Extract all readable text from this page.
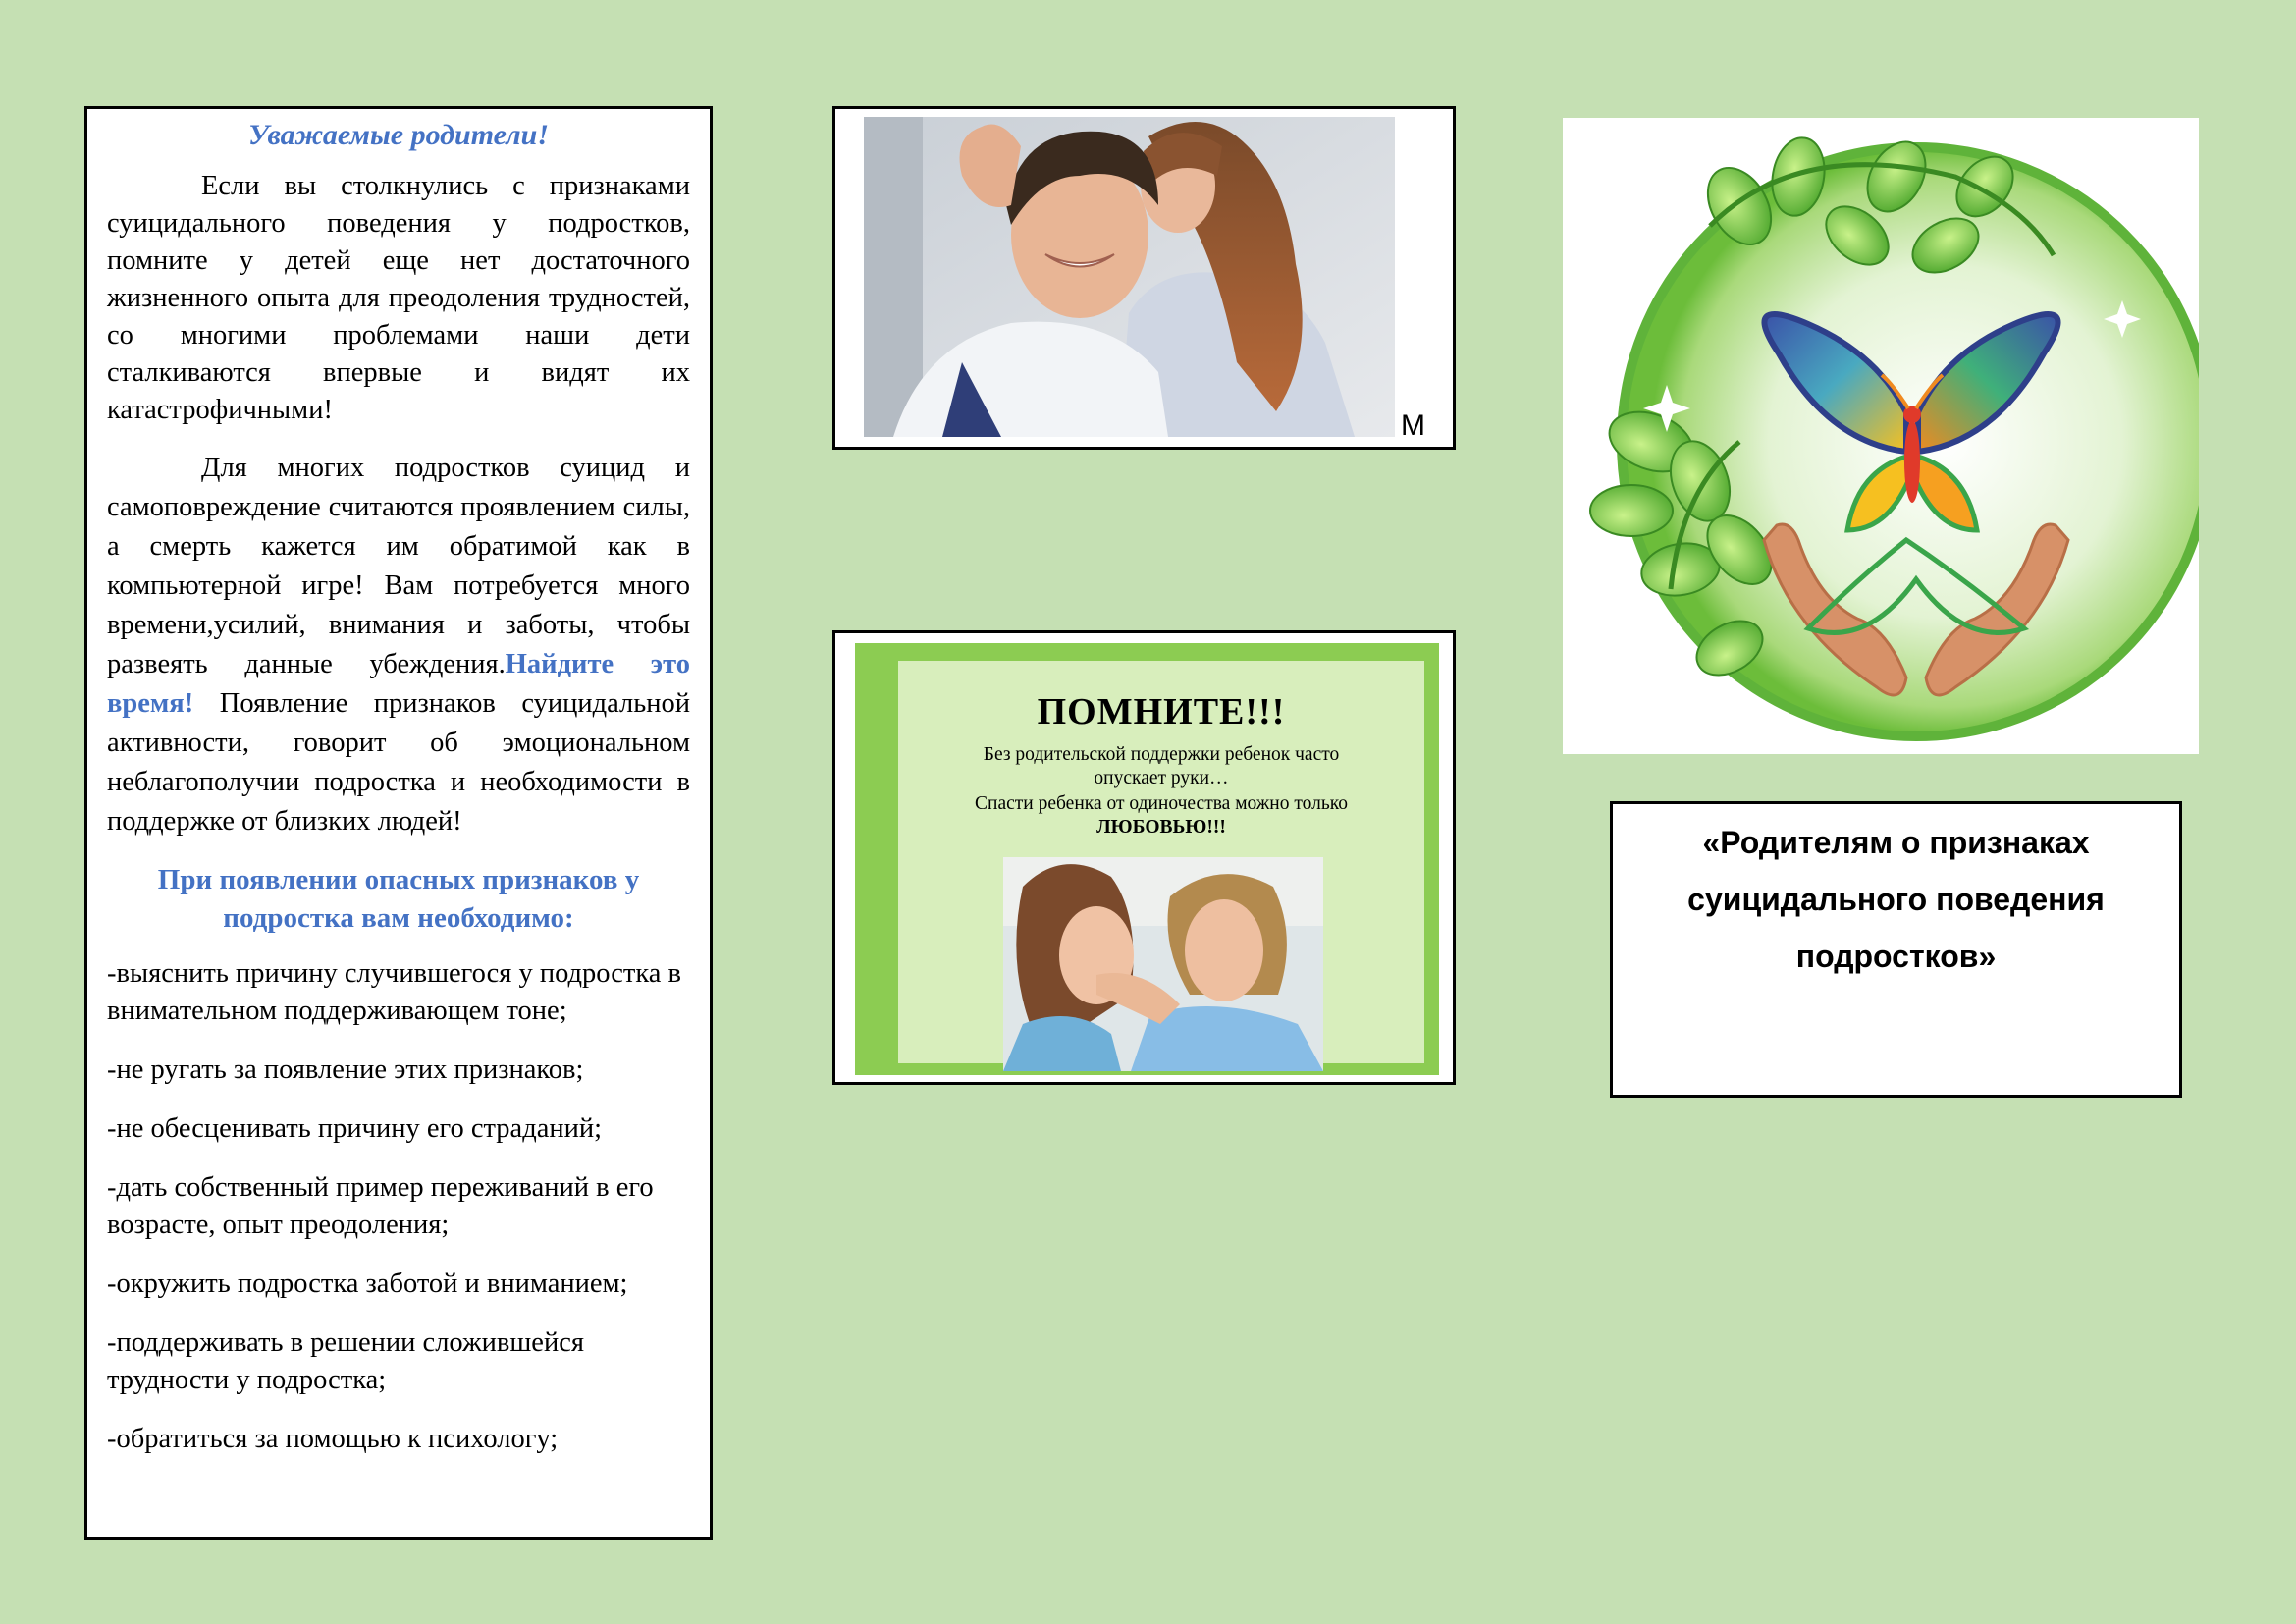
Уважаемые родители!

Если вы столкнулись с признаками суицидального поведения у подростков, помните у детей еще нет достаточного жизненного опыта для преодоления трудностей, со многими проблемами наши дети сталкиваются впервые и видят их катастрофичными!

Для многих подростков суицид и самоповреждение считаются проявлением силы, а смерть кажется им обратимой как в компьютерной игре! Вам потребуется много времени,усилий, внимания и заботы, чтобы развеять данные убеждения.Найдите это время! Появление признаков суицидальной активности, говорит об эмоциональном неблагополучии подростка и необходимости в поддержке от близких людей!

При появлении опасных признаков у подростка вам необходимо:

-выяснить причину случившегося у подростка в внимательном поддерживающем тоне;

-не ругать за появление этих признаков;

-не обесценивать причину его страданий;

-дать собственный пример переживаний в его возрасте, опыт преодоления;

-окружить подростка заботой и вниманием;

-поддерживать в решении сложившейся трудности у подростка;

-обратиться за помощью к психологу;

М
ПОМНИТЕ!!!
Без родительской поддержки ребенок часто опускает руки…
Спасти ребенка от одиночества можно только
ЛЮБОВЬЮ!!!	«Родителям о признаках суицидального поведения подростков»
